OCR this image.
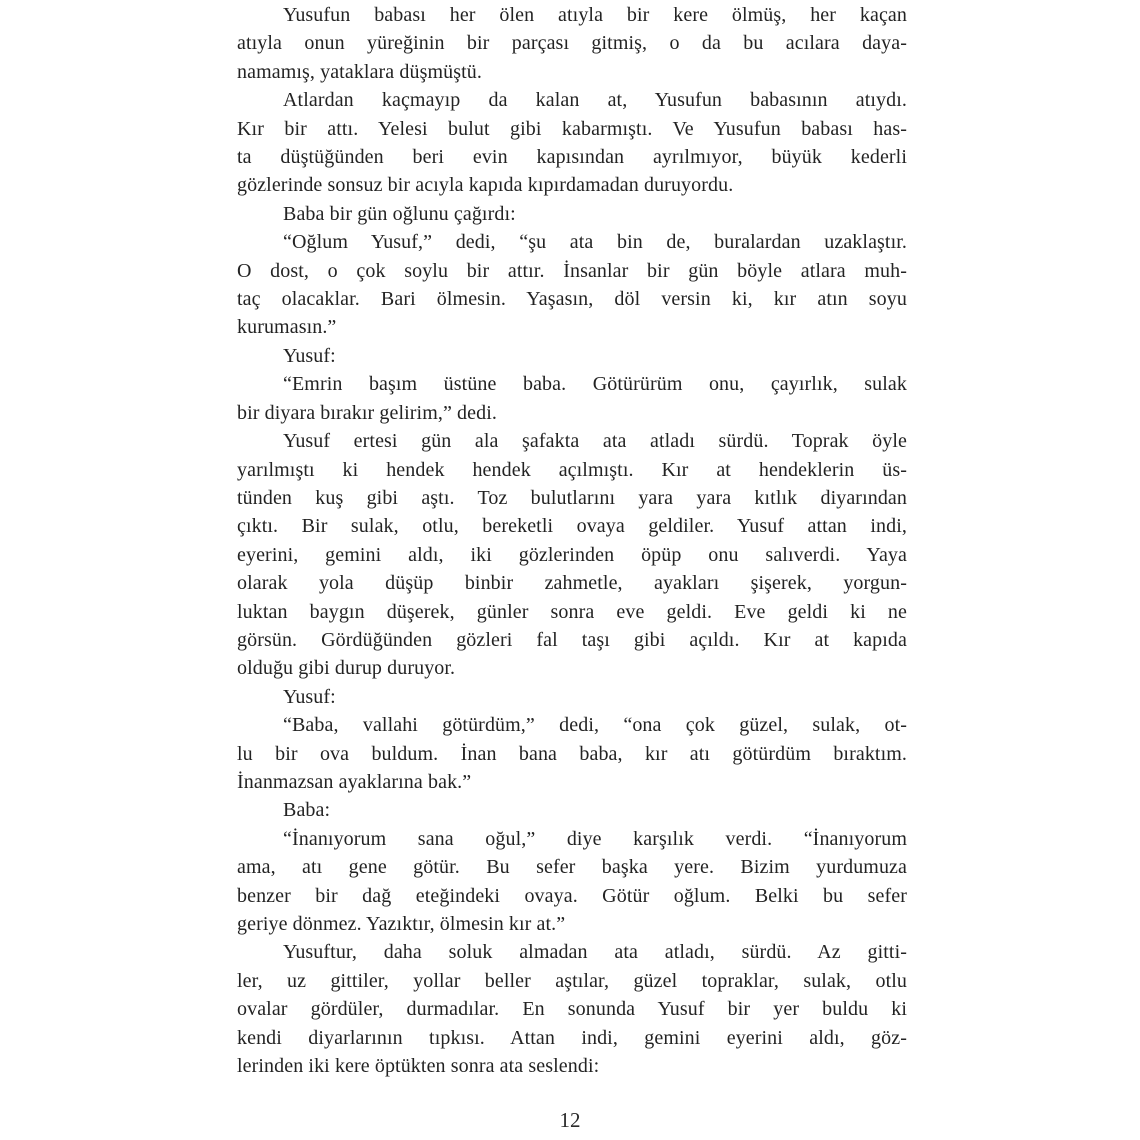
Yusufun babası her ölen atıyla bir kere ölmüş, her kaçan
atıyla onun yüreğinin bir parçası gitmiş, o da bu acılara daya-
namamış, yataklara düşmüştü.
Atlardan kaçmayıp da kalan at, Yusufun babasının atıydı.
Kır bir attı. Yelesi bulut gibi kabarmıştı. Ve Yusufun babası has-
ta düştüğünden beri evin kapısından ayrılmıyor, büyük kederli
gözlerinde sonsuz bir acıyla kapıda kıpırdamadan duruyordu.
Baba bir gün oğlunu çağırdı:
“Oğlum Yusuf,” dedi, “şu ata bin de, buralardan uzaklaştır.
O dost, o çok soylu bir attır. İnsanlar bir gün böyle atlara muh-
taç olacaklar. Bari ölmesin. Yaşasın, döl versin ki, kır atın soyu
kurumasın.”
Yusuf:
“Emrin başım üstüne baba. Götürürüm onu, çayırlık, sulak
bir diyara bırakır gelirim,” dedi.
Yusuf ertesi gün ala şafakta ata atladı sürdü. Toprak öyle
yarılmıştı ki hendek hendek açılmıştı. Kır at hendeklerin üs-
tünden kuş gibi aştı. Toz bulutlarını yara yara kıtlık diyarından
çıktı. Bir sulak, otlu, bereketli ovaya geldiler. Yusuf attan indi,
eyerini, gemini aldı, iki gözlerinden öpüp onu salıverdi. Yaya
olarak yola düşüp binbir zahmetle, ayakları şişerek, yorgun-
luktan baygın düşerek, günler sonra eve geldi. Eve geldi ki ne
görsün. Gördüğünden gözleri fal taşı gibi açıldı. Kır at kapıda
olduğu gibi durup duruyor.
Yusuf:
“Baba, vallahi götürdüm,” dedi, “ona çok güzel, sulak, ot-
lu bir ova buldum. İnan bana baba, kır atı götürdüm bıraktım.
İnanmazsan ayaklarına bak.”
Baba:
“İnanıyorum sana oğul,” diye karşılık verdi. “İnanıyorum
ama, atı gene götür. Bu sefer başka yere. Bizim yurdumuza
benzer bir dağ eteğindeki ovaya. Götür oğlum. Belki bu sefer
geriye dönmez. Yazıktır, ölmesin kır at.”
Yusuftur, daha soluk almadan ata atladı, sürdü. Az gitti-
ler, uz gittiler, yollar beller aştılar, güzel topraklar, sulak, otlu
ovalar gördüler, durmadılar. En sonunda Yusuf bir yer buldu ki
kendi diyarlarının tıpkısı. Attan indi, gemini eyerini aldı, göz-
lerinden iki kere öptükten sonra ata seslendi:
12
